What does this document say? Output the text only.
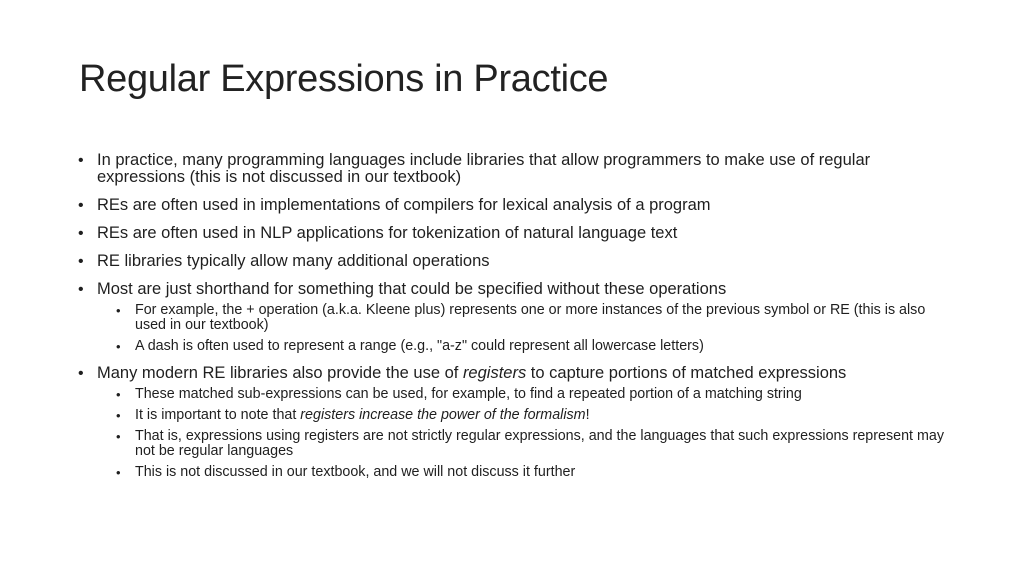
Regular Expressions in Practice
• In practice, many programming languages include libraries that allow programmers to make use of regular expressions (this is not discussed in our textbook)
• REs are often used in implementations of compilers for lexical analysis of a program
• REs are often used in NLP applications for tokenization of natural language text
• RE libraries typically allow many additional operations
• Most are just shorthand for something that could be specified without these operations
• For example, the + operation (a.k.a. Kleene plus) represents one or more instances of the previous symbol or RE (this is also used in our textbook)
• A dash is often used to represent a range (e.g., "a-z" could represent all lowercase letters)
• Many modern RE libraries also provide the use of registers to capture portions of matched expressions
• These matched sub-expressions can be used, for example, to find a repeated portion of a matching string
• It is important to note that registers increase the power of the formalism!
• That is, expressions using registers are not strictly regular expressions, and the languages that such expressions represent may not be regular languages
• This is not discussed in our textbook, and we will not discuss it further
